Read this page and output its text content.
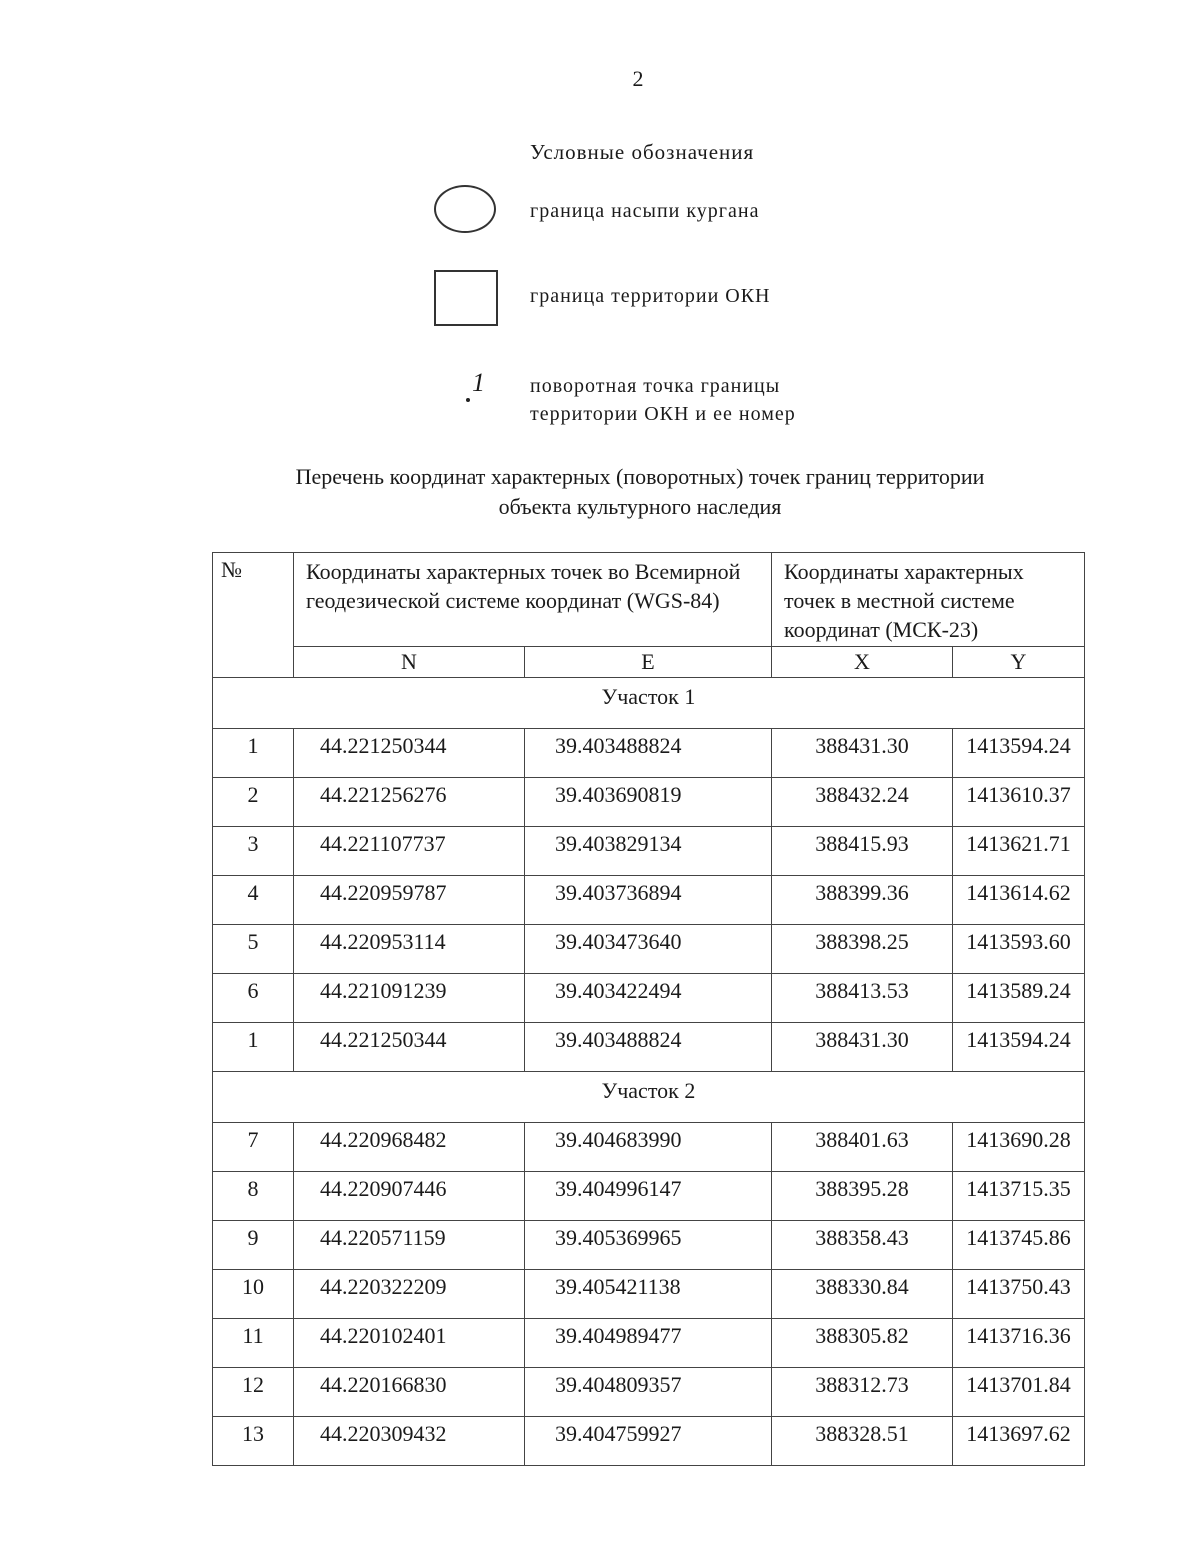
2
Условные обозначения
граница насыпи кургана
граница территории ОКН
1 поворотная точка границы
территории ОКН и ее номер
Перечень координат характерных (поворотных) точек границ территории
объекта культурного наследия
№	Координаты характерных точек во Всемирной геодезической системе координат (WGS-84)		Координаты характерных точек в местной системе координат (МСК-23)	
	N	E	X	Y
Участок 1				
1	44.221250344	39.403488824	388431.30	1413594.24
2	44.221256276	39.403690819	388432.24	1413610.37
3	44.221107737	39.403829134	388415.93	1413621.71
4	44.220959787	39.403736894	388399.36	1413614.62
5	44.220953114	39.403473640	388398.25	1413593.60
6	44.221091239	39.403422494	388413.53	1413589.24
1	44.221250344	39.403488824	388431.30	1413594.24
Участок 2				
7	44.220968482	39.404683990	388401.63	1413690.28
8	44.220907446	39.404996147	388395.28	1413715.35
9	44.220571159	39.405369965	388358.43	1413745.86
10	44.220322209	39.405421138	388330.84	1413750.43
11	44.220102401	39.404989477	388305.82	1413716.36
12	44.220166830	39.404809357	388312.73	1413701.84
13	44.220309432	39.404759927	388328.51	1413697.62
